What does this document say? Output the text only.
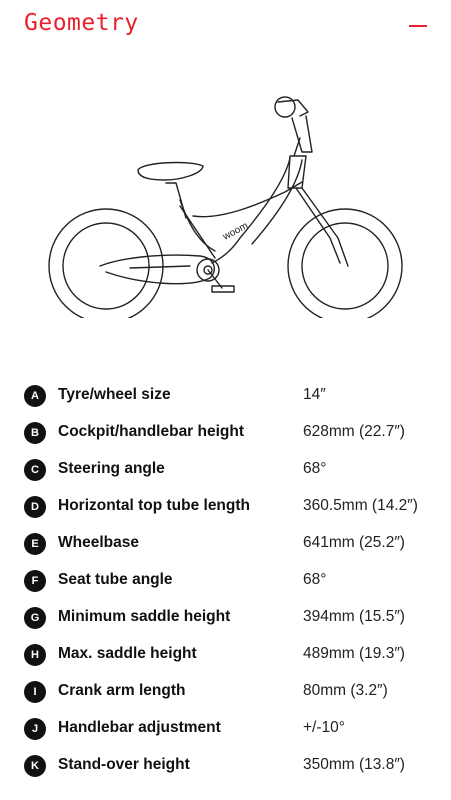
Geometry
woom
A	Tyre/wheel size	14″
B	Cockpit/handlebar height	628mm (22.7″)
C	Steering angle	68°
D	Horizontal top tube length	360.5mm (14.2″)
E	Wheelbase	641mm (25.2″)
F	Seat tube angle	68°
G	Minimum saddle height	394mm (15.5″)
H	Max. saddle height	489mm (19.3″)
I	Crank arm length	80mm (3.2″)
J	Handlebar adjustment	+/-10°
K	Stand-over height	350mm (13.8″)
